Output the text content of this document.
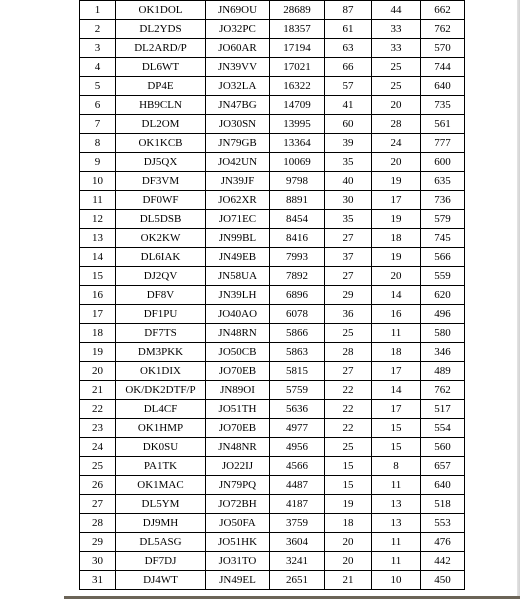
1	OK1DOL	JN69OU	28689	87	44	662
2	DL2YDS	JO32PC	18357	61	33	762
3	DL2ARD/P	JO60AR	17194	63	33	570
4	DL6WT	JN39VV	17021	66	25	744
5	DP4E	JO32LA	16322	57	25	640
6	HB9CLN	JN47BG	14709	41	20	735
7	DL2OM	JO30SN	13995	60	28	561
8	OK1KCB	JN79GB	13364	39	24	777
9	DJ5QX	JO42UN	10069	35	20	600
10	DF3VM	JN39JF	9798	40	19	635
11	DF0WF	JO62XR	8891	30	17	736
12	DL5DSB	JO71EC	8454	35	19	579
13	OK2KW	JN99BL	8416	27	18	745
14	DL6IAK	JN49EB	7993	37	19	566
15	DJ2QV	JN58UA	7892	27	20	559
16	DF8V	JN39LH	6896	29	14	620
17	DF1PU	JO40AO	6078	36	16	496
18	DF7TS	JN48RN	5866	25	11	580
19	DM3PKK	JO50CB	5863	28	18	346
20	OK1DIX	JO70EB	5815	27	17	489
21	OK/DK2DTF/P	JN89OI	5759	22	14	762
22	DL4CF	JO51TH	5636	22	17	517
23	OK1HMP	JO70EB	4977	22	15	554
24	DK0SU	JN48NR	4956	25	15	560
25	PA1TK	JO22IJ	4566	15	8	657
26	OK1MAC	JN79PQ	4487	15	11	640
27	DL5YM	JO72BH	4187	19	13	518
28	DJ9MH	JO50FA	3759	18	13	553
29	DL5ASG	JO51HK	3604	20	11	476
30	DF7DJ	JO31TO	3241	20	11	442
31	DJ4WT	JN49EL	2651	21	10	450
